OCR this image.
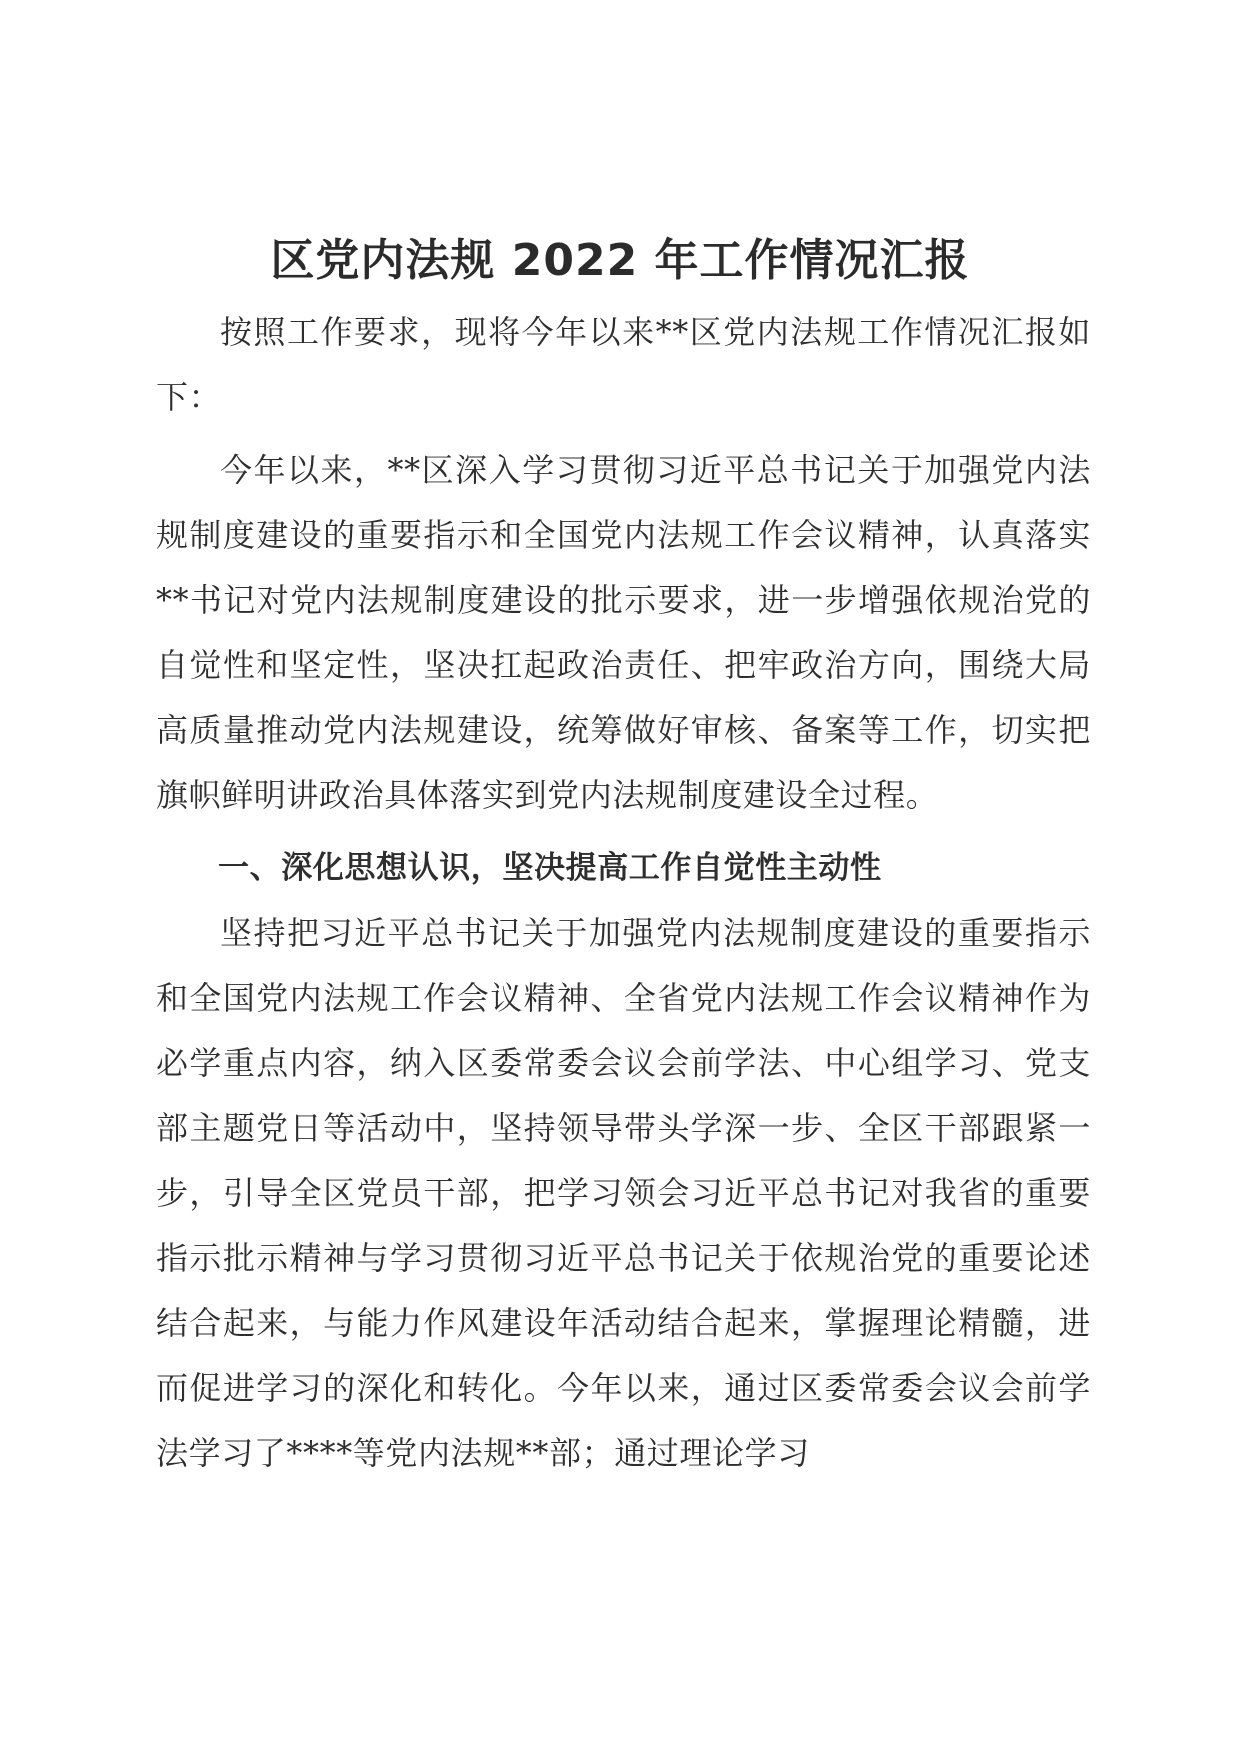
区党内法规 2022 年工作情况汇报

按照工作要求，现将今年以来**区党内法规工作情况汇报如下：

今年以来，**区深入学习贯彻习近平总书记关于加强党内法规制度建设的重要指示和全国党内法规工作会议精神，认真落实**书记对党内法规制度建设的批示要求，进一步增强依规治党的自觉性和坚定性，坚决扛起政治责任、把牢政治方向，围绕大局高质量推动党内法规建设，统筹做好审核、备案等工作，切实把旗帜鲜明讲政治具体落实到党内法规制度建设全过程。

一、深化思想认识，坚决提高工作自觉性主动性

坚持把习近平总书记关于加强党内法规制度建设的重要指示和全国党内法规工作会议精神、全省党内法规工作会议精神作为必学重点内容，纳入区委常委会议会前学法、中心组学习、党支部主题党日等活动中，坚持领导带头学深一步、全区干部跟紧一步，引导全区党员干部，把学习领会习近平总书记对我省的重要指示批示精神与学习贯彻习近平总书记关于依规治党的重要论述结合起来，与能力作风建设年活动结合起来，掌握理论精髓，进而促进学习的深化和转化。今年以来，通过区委常委会议会前学法学习了****等党内法规**部；通过理论学习
